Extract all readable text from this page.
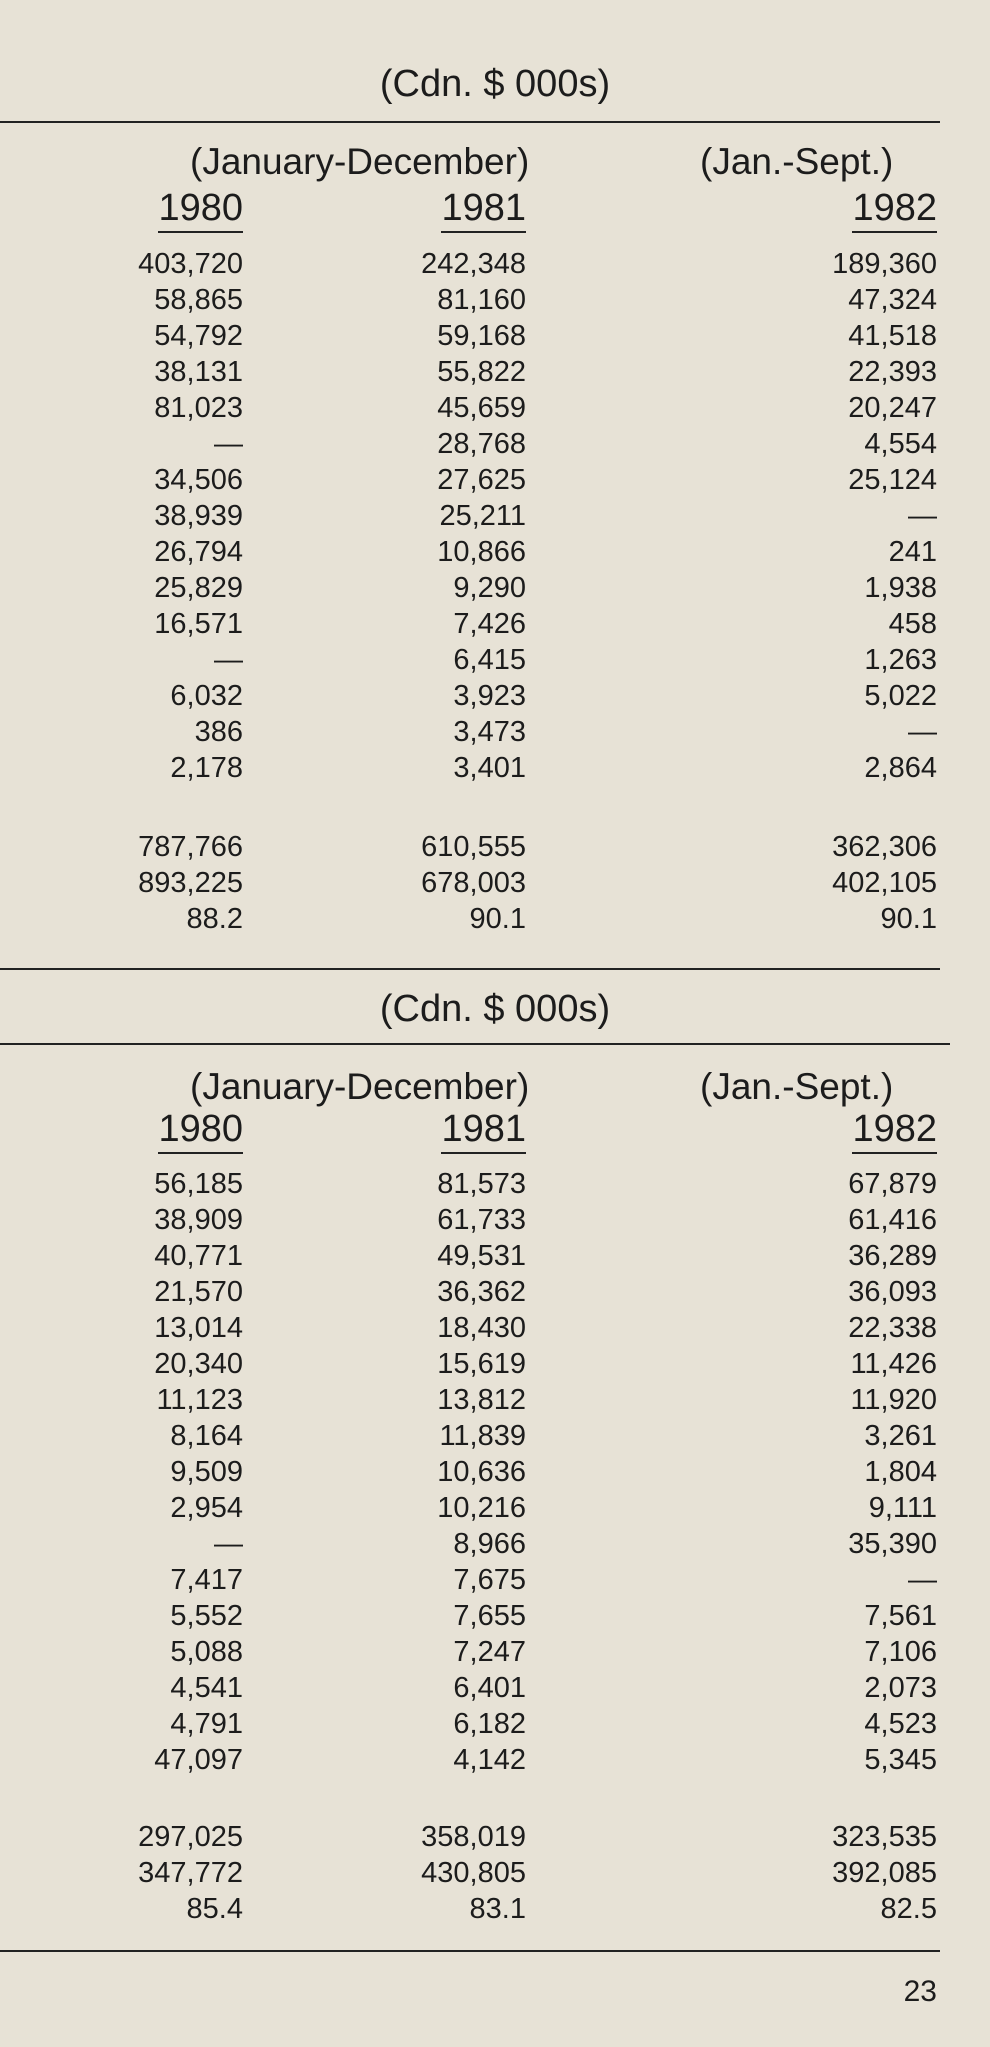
(Cdn. $ 000s)
(January-December)	(Jan.-Sept.)
1980	1981	1982
403,720	242,348	189,360
58,865	81,160	47,324
54,792	59,168	41,518
38,131	55,822	22,393
81,023	45,659	20,247
—	28,768	4,554
34,506	27,625	25,124
38,939	25,211	—
26,794	10,866	241
25,829	9,290	1,938
16,571	7,426	458
—	6,415	1,263
6,032	3,923	5,022
386	3,473	—
2,178	3,401	2,864
787,766	610,555	362,306
893,225	678,003	402,105
88.2	90.1	90.1
(Cdn. $ 000s)
(January-December)	(Jan.-Sept.)
1980	1981	1982
56,185	81,573	67,879
38,909	61,733	61,416
40,771	49,531	36,289
21,570	36,362	36,093
13,014	18,430	22,338
20,340	15,619	11,426
11,123	13,812	11,920
8,164	11,839	3,261
9,509	10,636	1,804
2,954	10,216	9,111
—	8,966	35,390
7,417	7,675	—
5,552	7,655	7,561
5,088	7,247	7,106
4,541	6,401	2,073
4,791	6,182	4,523
47,097	4,142	5,345
297,025	358,019	323,535
347,772	430,805	392,085
85.4	83.1	82.5
23
